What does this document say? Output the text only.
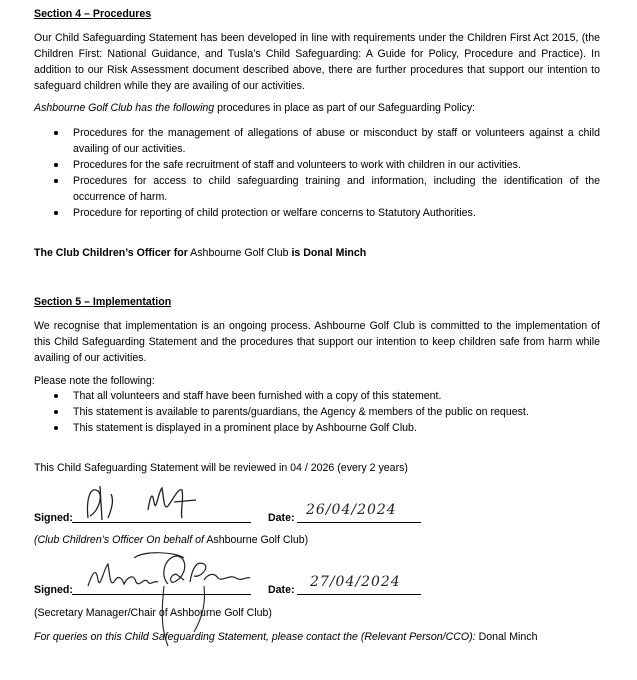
Section 4 – Procedures
Our Child Safeguarding Statement has been developed in line with requirements under the Children First Act 2015, (the Children First: National Guidance, and Tusla’s Child Safeguarding: A Guide for Policy, Procedure and Practice). In addition to our Risk Assessment document described above, there are further procedures that support our intention to safeguard children while they are availing of our activities.
Ashbourne Golf Club has the following procedures in place as part of our Safeguarding Policy:
Procedures for the management of allegations of abuse or misconduct by staff or volunteers against a child availing of our activities.
Procedures for the safe recruitment of staff and volunteers to work with children in our activities.
Procedures for access to child safeguarding training and information, including the identification of the occurrence of harm.
Procedure for reporting of child protection or welfare concerns to Statutory Authorities.
The Club Children’s Officer for Ashbourne Golf Club is Donal Minch
Section 5 – Implementation
We recognise that implementation is an ongoing process. Ashbourne Golf Club is committed to the implementation of this Child Safeguarding Statement and the procedures that support our intention to keep children safe from harm while availing of our activities.
Please note the following:
That all volunteers and staff have been furnished with a copy of this statement.
This statement is available to parents/guardians, the Agency & members of the public on request.
This statement is displayed in a prominent place by Ashbourne Golf Club.
This Child Safeguarding Statement will be reviewed in 04 / 2026 (every 2 years)
Signed:	Date: 26/04/2024
(Club Children’s Officer On behalf of Ashbourne Golf Club)
Signed:	Date: 27/04/2024
(Secretary Manager/Chair of Ashbourne Golf Club)
For queries on this Child Safeguarding Statement, please contact the (Relevant Person/CCO): Donal Minch
